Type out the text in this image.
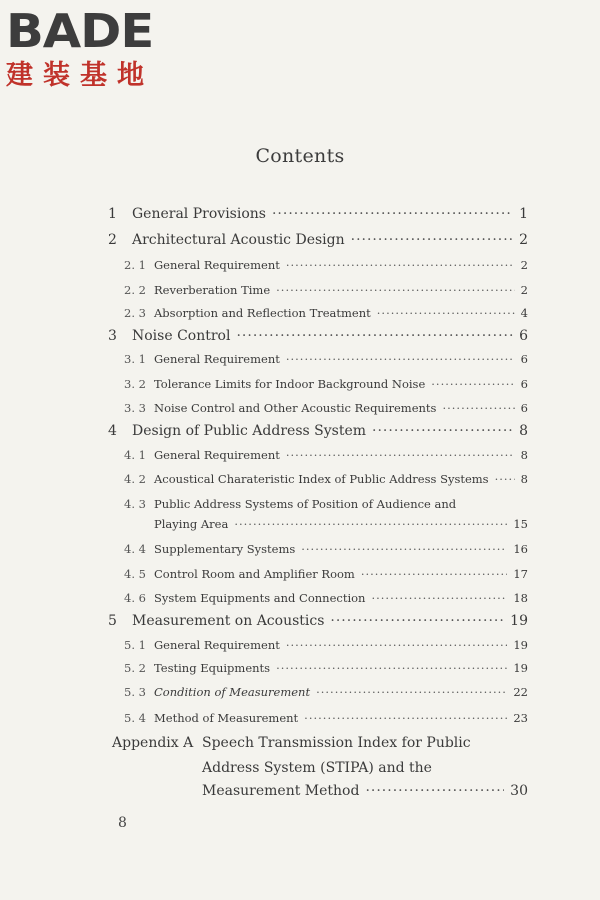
BADE
建装基地
Contents
1	General Provisions ·····	1
2	Architectural Acoustic Design ·····	2
2. 1 General Requirement ·····	2
2. 2 Reverberation Time ·····	2
2. 3 Absorption and Reflection Treatment ·····	4
3	Noise Control ·····	6
3. 1 General Requirement ·····	6
3. 2 Tolerance Limits for Indoor Background Noise ·····	6
3. 3 Noise Control and Other Acoustic Requirements ·····	6
4	Design of Public Address System ·····	8
4. 1 General Requirement ·····	8
4. 2 Acoustical Charateristic Index of Public Address Systems ·····	8
4. 3 Public Address Systems of Position of Audience and
Playing Area ·····	15
4. 4 Supplementary Systems ·····	16
4. 5 Control Room and Amplifier Room ·····	17
4. 6 System Equipments and Connection ·····	18
5	Measurement on Acoustics ·····	19
5. 1 General Requirement ·····	19
5. 2 Testing Equipments ·····	19
5. 3 Condition of Measurement ·····	22
5. 4 Method of Measurement ·····	23
Appendix A Speech Transmission Index for Public
Address System (STIPA) and the
Measurement Method ·····	30
8
